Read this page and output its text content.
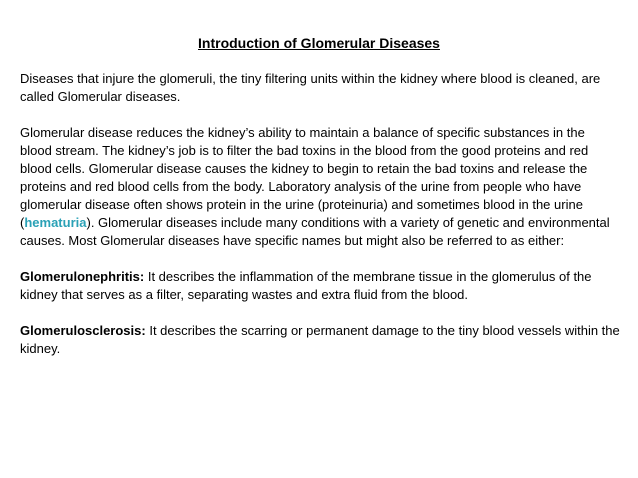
Introduction of Glomerular Diseases

Diseases that injure the glomeruli, the tiny filtering units within the kidney where blood is cleaned, are called Glomerular diseases.

Glomerular disease reduces the kidney’s ability to maintain a balance of specific substances in the blood stream. The kidney’s job is to filter the bad toxins in the blood from the good proteins and red blood cells. Glomerular disease causes the kidney to begin to retain the bad toxins and release the proteins and red blood cells from the body. Laboratory analysis of the urine from people who have glomerular disease often shows protein in the urine (proteinuria) and sometimes blood in the urine (hematuria). Glomerular diseases include many conditions with a variety of genetic and environmental causes. Most Glomerular diseases have specific names but might also be referred to as either:

Glomerulonephritis: It describes the inflammation of the membrane tissue in the glomerulus of the kidney that serves as a filter, separating wastes and extra fluid from the blood.

Glomerulosclerosis: It describes the scarring or permanent damage to the tiny blood vessels within the kidney.
